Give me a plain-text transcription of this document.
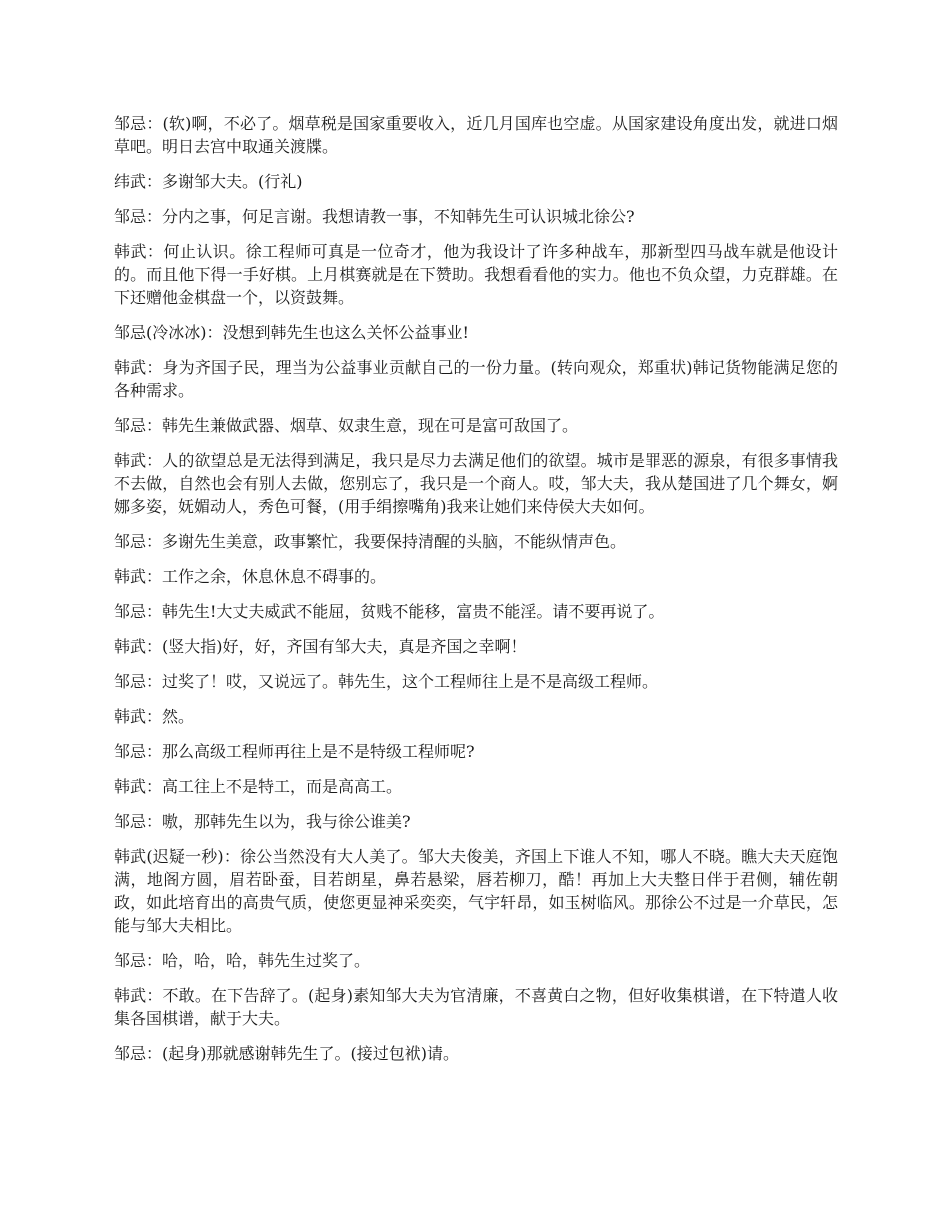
邹忌：(软)啊，不必了。烟草税是国家重要收入，近几月国库也空虚。从国家建设角度出发，就进口烟草吧。明日去宫中取通关渡牒。

纬武：多谢邹大夫。(行礼)

邹忌：分内之事，何足言谢。我想请教一事，不知韩先生可认识城北徐公?

韩武：何止认识。徐工程师可真是一位奇才，他为我设计了许多种战车，那新型四马战车就是他设计的。而且他下得一手好棋。上月棋赛就是在下赞助。我想看看他的实力。他也不负众望，力克群雄。在下还赠他金棋盘一个，以资鼓舞。

邹忌(冷冰冰)：没想到韩先生也这么关怀公益事业!

韩武：身为齐国子民，理当为公益事业贡献自己的一份力量。(转向观众，郑重状)韩记货物能满足您的各种需求。

邹忌：韩先生兼做武器、烟草、奴隶生意，现在可是富可敌国了。

韩武：人的欲望总是无法得到满足，我只是尽力去满足他们的欲望。城市是罪恶的源泉，有很多事情我不去做，自然也会有别人去做，您别忘了，我只是一个商人。哎，邹大夫，我从楚国进了几个舞女，婀娜多姿，妩媚动人，秀色可餐，(用手绢擦嘴角)我来让她们来侍侯大夫如何。

邹忌：多谢先生美意，政事繁忙，我要保持清醒的头脑，不能纵情声色。

韩武：工作之余，休息休息不碍事的。

邹忌：韩先生!大丈夫威武不能屈，贫贱不能移，富贵不能淫。请不要再说了。

韩武：(竖大指)好，好，齐国有邹大夫，真是齐国之幸啊！

邹忌：过奖了！哎，又说远了。韩先生，这个工程师往上是不是高级工程师。

韩武：然。

邹忌：那么高级工程师再往上是不是特级工程师呢?

韩武：高工往上不是特工，而是高高工。

邹忌：嗷，那韩先生以为，我与徐公谁美?

韩武(迟疑一秒)：徐公当然没有大人美了。邹大夫俊美，齐国上下谁人不知，哪人不晓。瞧大夫天庭饱满，地阁方圆，眉若卧蚕，目若朗星，鼻若悬梁，唇若柳刀，酷！再加上大夫整日伴于君侧，辅佐朝政，如此培育出的高贵气质，使您更显神采奕奕，气宇轩昂，如玉树临风。那徐公不过是一介草民，怎能与邹大夫相比。

邹忌：哈，哈，哈，韩先生过奖了。

韩武：不敢。在下告辞了。(起身)素知邹大夫为官清廉，不喜黄白之物，但好收集棋谱，在下特遣人收集各国棋谱，献于大夫。

邹忌：(起身)那就感谢韩先生了。(接过包袱)请。
